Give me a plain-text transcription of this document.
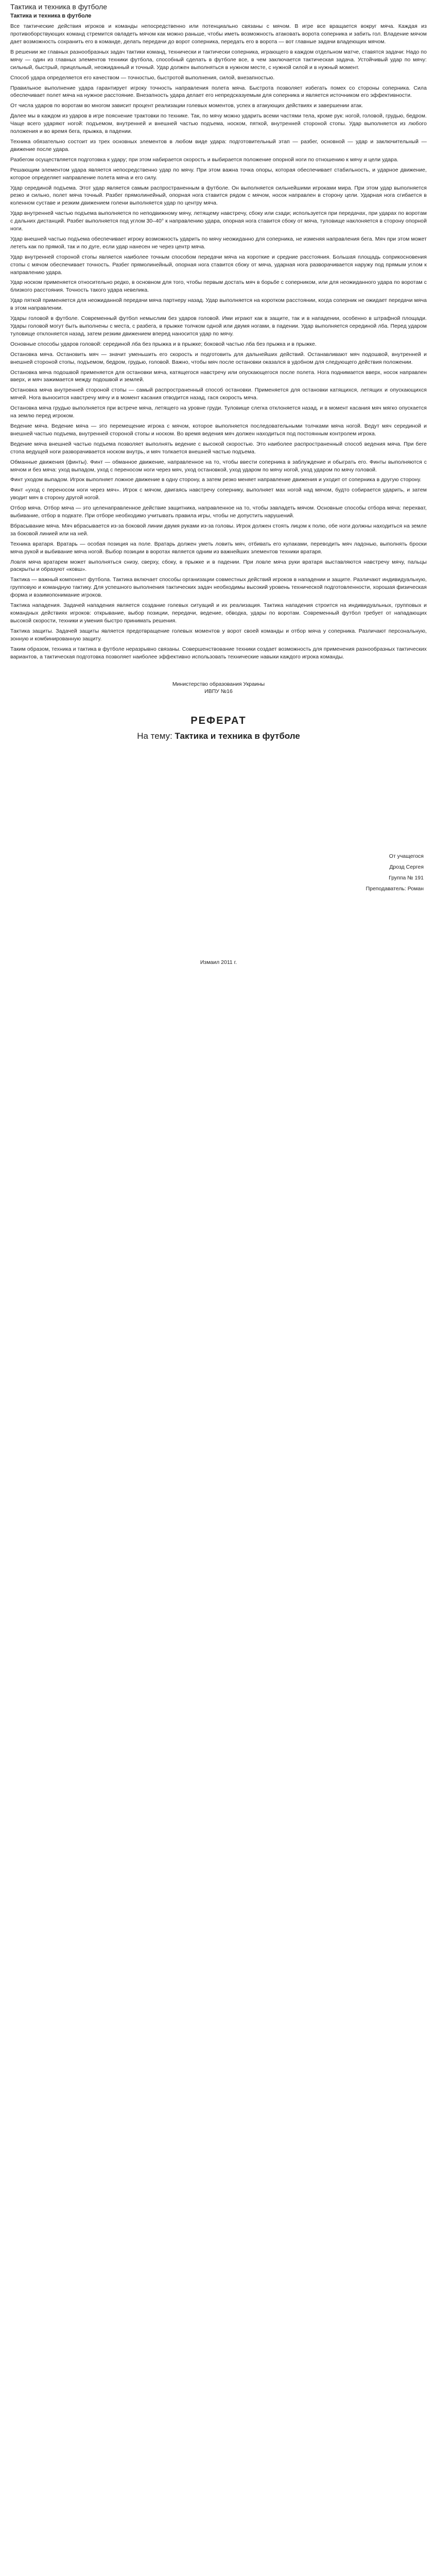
Тактика и техника в футболе
Тактика и техника в футболе

Все тактические действия игроков и команды непосредственно или потенциально связаны с мячом. В игре все вращается вокруг мяча. Каждая из противоборствующих команд стремится овладеть мячом как можно раньше, чтобы иметь возможность атаковать ворота соперника и забить гол. Владение мячом дает возможность сохранить его в команде, делать передачи до ворот соперника, передать его в ворота — вот главные задачи владеющих мячом.

В решении же главных разнообразных задач тактики команд, технически и тактически соперника, играющего в каждом отдельном матче, ставятся задачи: Надо по мячу — один из главных элементов техники футбола, способный сделать в футболе все, в чем заключается тактическая задача. Устойчивый удар по мячу: сильный, быстрый, прицельный, неожиданный и точный. Удар должен выполняться в нужном месте, с нужной силой и в нужный момент.

Способ удара определяется его качеством — точностью, быстротой выполнения, силой, внезапностью.

Правильное выполнение удара гарантирует игроку точность направления полета мяча. Быстрота позволяет избегать помех со стороны соперника. Сила обеспечивает полет мяча на нужное расстояние. Внезапность удара делает его непредсказуемым для соперника и является источником его эффективности.

От числа ударов по воротам во многом зависит процент реализации голевых моментов, успех в атакующих действиях и завершении атак.

Далее мы в каждом из ударов в игре пояснение трактовки по технике. Так, по мячу можно ударить всеми частями тела, кроме рук: ногой, головой, грудью, бедром. Чаще всего ударяют ногой: подъемом, внутренней и внешней частью подъема, носком, пяткой, внутренней стороной стопы. Удар выполняется из любого положения и во время бега, прыжка, в падении.

Техника обязательно состоит из трех основных элементов в любом виде удара: подготовительный этап — разбег, основной — удар и заключительный — движение после удара.

Разбегом осуществляется подготовка к удару; при этом набирается скорость и выбирается положение опорной ноги по отношению к мячу и цели удара.

Решающим элементом удара является непосредственно удар по мячу. При этом важна точка опоры, которая обеспечивает стабильность, и ударное движение, которое определяет направление полета мяча и его силу.

Удар серединой подъема. Этот удар является самым распространенным в футболе. Он выполняется сильнейшими игроками мира. При этом удар выполняется резко и сильно, полет мяча точный. Разбег прямолинейный, опорная нога ставится рядом с мячом, носок направлен в сторону цели. Ударная нога сгибается в коленном суставе и резким движением голени выполняется удар по центру мяча.

Удар внутренней частью подъема выполняется по неподвижному мячу, летящему навстречу, сбоку или сзади; используется при передачах, при ударах по воротам с дальних дистанций. Разбег выполняется под углом 30–40° к направлению удара, опорная нога ставится сбоку от мяча, туловище наклоняется в сторону опорной ноги.

Удар внешней частью подъема обеспечивает игроку возможность ударить по мячу неожиданно для соперника, не изменяя направления бега. Мяч при этом может лететь как по прямой, так и по дуге, если удар нанесен не через центр мяча.

Удар внутренней стороной стопы является наиболее точным способом передачи мяча на короткие и средние расстояния. Большая площадь соприкосновения стопы с мячом обеспечивает точность. Разбег прямолинейный, опорная нога ставится сбоку от мяча, ударная нога разворачивается наружу под прямым углом к направлению удара.

Удар носком применяется относительно редко, в основном для того, чтобы первым достать мяч в борьбе с соперником, или для неожиданного удара по воротам с близкого расстояния. Точность такого удара невелика.

Удар пяткой применяется для неожиданной передачи мяча партнеру назад. Удар выполняется на коротком расстоянии, когда соперник не ожидает передачи мяча в этом направлении.

Удары головой в футболе. Современный футбол немыслим без ударов головой. Ими играют как в защите, так и в нападении, особенно в штрафной площади. Удары головой могут быть выполнены с места, с разбега, в прыжке толчком одной или двумя ногами, в падении. Удар выполняется серединой лба. Перед ударом туловище отклоняется назад, затем резким движением вперед наносится удар по мячу.

Основные способы ударов головой: серединой лба без прыжка и в прыжке; боковой частью лба без прыжка и в прыжке.

Остановка мяча. Остановить мяч — значит уменьшить его скорость и подготовить для дальнейших действий. Останавливают мяч подошвой, внутренней и внешней стороной стопы, подъемом, бедром, грудью, головой. Важно, чтобы мяч после остановки оказался в удобном для следующего действия положении.

Остановка мяча подошвой применяется для остановки мяча, катящегося навстречу или опускающегося после полета. Нога поднимается вверх, носок направлен вверх, и мяч зажимается между подошвой и землей.

Остановка мяча внутренней стороной стопы — самый распространенный способ остановки. Применяется для остановки катящихся, летящих и опускающихся мячей. Нога выносится навстречу мячу и в момент касания отводится назад, гася скорость мяча.

Остановка мяча грудью выполняется при встрече мяча, летящего на уровне груди. Туловище слегка отклоняется назад, и в момент касания мяч мягко опускается на землю перед игроком.

Ведение мяча. Ведение мяча — это перемещение игрока с мячом, которое выполняется последовательными толчками мяча ногой. Ведут мяч серединой и внешней частью подъема, внутренней стороной стопы и носком. Во время ведения мяч должен находиться под постоянным контролем игрока.

Ведение мяча внешней частью подъема позволяет выполнять ведение с высокой скоростью. Это наиболее распространенный способ ведения мяча. При беге стопа ведущей ноги разворачивается носком внутрь, и мяч толкается внешней частью подъема.

Обманные движения (финты). Финт — обманное движение, направленное на то, чтобы ввести соперника в заблуждение и обыграть его. Финты выполняются с мячом и без мяча: уход выпадом, уход с переносом ноги через мяч, уход остановкой, уход ударом по мячу ногой, уход ударом по мячу головой.

Финт уходом выпадом. Игрок выполняет ложное движение в одну сторону, а затем резко меняет направление движения и уходит от соперника в другую сторону.

Финт «уход с переносом ноги через мяч». Игрок с мячом, двигаясь навстречу сопернику, выполняет мах ногой над мячом, будто собирается ударить, и затем уводит мяч в сторону другой ногой.

Отбор мяча. Отбор мяча — это целенаправленное действие защитника, направленное на то, чтобы завладеть мячом. Основные способы отбора мяча: перехват, выбивание, отбор в подкате. При отборе необходимо учитывать правила игры, чтобы не допустить нарушений.

Вбрасывание мяча. Мяч вбрасывается из-за боковой линии двумя руками из-за головы. Игрок должен стоять лицом к полю, обе ноги должны находиться на земле за боковой линией или на ней.

Техника вратаря. Вратарь — особая позиция на поле. Вратарь должен уметь ловить мяч, отбивать его кулаками, переводить мяч ладонью, выполнять броски мяча рукой и выбивание мяча ногой. Выбор позиции в воротах является одним из важнейших элементов техники вратаря.

Ловля мяча вратарем может выполняться снизу, сверху, сбоку, в прыжке и в падении. При ловле мяча руки вратаря выставляются навстречу мячу, пальцы раскрыты и образуют «ковш».

Тактика — важный компонент футбола. Тактика включает способы организации совместных действий игроков в нападении и защите. Различают индивидуальную, групповую и командную тактику. Для успешного выполнения тактических задач необходимы высокий уровень технической подготовленности, хорошая физическая форма и взаимопонимание игроков.

Тактика нападения. Задачей нападения является создание голевых ситуаций и их реализация. Тактика нападения строится на индивидуальных, групповых и командных действиях игроков: открывание, выбор позиции, передачи, ведение, обводка, удары по воротам. Современный футбол требует от нападающих высокой скорости, техники и умения быстро принимать решения.

Тактика защиты. Задачей защиты является предотвращение голевых моментов у ворот своей команды и отбор мяча у соперника. Различают персональную, зонную и комбинированную защиту.

Таким образом, техника и тактика в футболе неразрывно связаны. Совершенствование техники создает возможность для применения разнообразных тактических вариантов, а тактическая подготовка позволяет наиболее эффективно использовать технические навыки каждого игрока команды.

Министерство образования Украины

ИВПУ №16

РЕФЕРАТ

На тему: Тактика и техника в футболе

От учащегося
Дрозд Сергея
Группа № 191
Преподаватель: Роман
Измаил 2011 г.
